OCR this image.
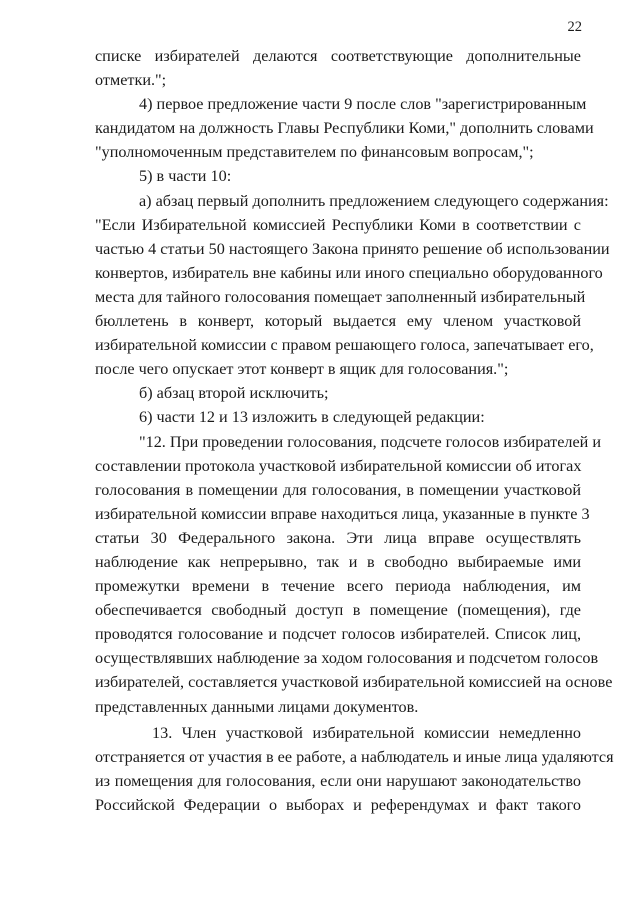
22
списке избирателей делаются соответствующие дополнительные
отметки.";
4) первое предложение части 9 после слов "зарегистрированным
кандидатом на должность Главы Республики Коми," дополнить словами
"уполномоченным представителем по финансовым вопросам,";
5) в части 10:
а) абзац первый дополнить предложением следующего содержания:
"Если Избирательной комиссией Республики Коми в соответствии с
частью 4 статьи 50 настоящего Закона принято решение об использовании
конвертов, избиратель вне кабины или иного специально оборудованного
места для тайного голосования помещает заполненный избирательный
бюллетень в конверт, который выдается ему членом участковой
избирательной комиссии с правом решающего голоса, запечатывает его,
после чего опускает этот конверт в ящик для голосования.";
б) абзац второй исключить;
6) части 12 и 13 изложить в следующей редакции:
"12. При проведении голосования, подсчете голосов избирателей и
составлении протокола участковой избирательной комиссии об итогах
голосования в помещении для голосования, в помещении участковой
избирательной комиссии вправе находиться лица, указанные в пункте 3
статьи 30 Федерального закона. Эти лица вправе осуществлять
наблюдение как непрерывно, так и в свободно выбираемые ими
промежутки времени в течение всего периода наблюдения, им
обеспечивается свободный доступ в помещение (помещения), где
проводятся голосование и подсчет голосов избирателей. Список лиц,
осуществлявших наблюдение за ходом голосования и подсчетом голосов
избирателей, составляется участковой избирательной комиссией на основе
представленных данными лицами документов.
13. Член участковой избирательной комиссии немедленно
отстраняется от участия в ее работе, а наблюдатель и иные лица удаляются
из помещения для голосования, если они нарушают законодательство
Российской Федерации о выборах и референдумах и факт такого
